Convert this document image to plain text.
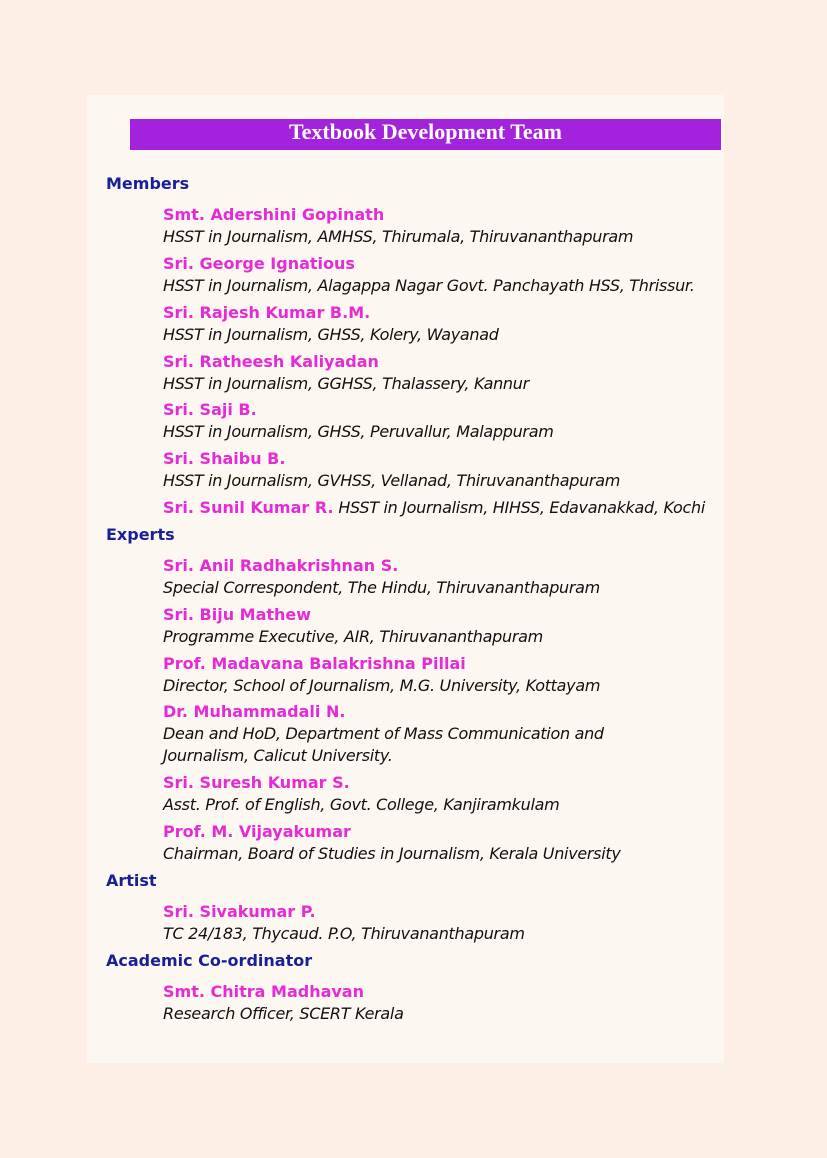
Textbook Development Team
Members
Smt. Adershini Gopinath
HSST in Journalism, AMHSS, Thirumala, Thiruvananthapuram
Sri. George Ignatious
HSST in Journalism, Alagappa Nagar Govt. Panchayath HSS, Thrissur.
Sri. Rajesh Kumar B.M.
HSST in Journalism, GHSS, Kolery, Wayanad
Sri. Ratheesh Kaliyadan
HSST in Journalism, GGHSS, Thalassery, Kannur
Sri. Saji B.
HSST in Journalism, GHSS, Peruvallur, Malappuram
Sri. Shaibu B.
HSST in Journalism, GVHSS, Vellanad, Thiruvananthapuram
Sri. Sunil Kumar R. HSST in Journalism, HIHSS, Edavanakkad, Kochi
Experts
Sri. Anil Radhakrishnan S.
Special Correspondent, The Hindu, Thiruvananthapuram
Sri. Biju Mathew
Programme Executive, AIR, Thiruvananthapuram
Prof. Madavana Balakrishna Pillai
Director, School of Journalism, M.G. University, Kottayam
Dr. Muhammadali N.
Dean and HoD, Department of Mass Communication and
Journalism, Calicut University.
Sri. Suresh Kumar S.
Asst. Prof. of English, Govt. College, Kanjiramkulam
Prof. M. Vijayakumar
Chairman, Board of Studies in Journalism, Kerala University
Artist
Sri. Sivakumar P.
TC 24/183, Thycaud. P.O, Thiruvananthapuram
Academic Co-ordinator
Smt. Chitra Madhavan
Research Officer, SCERT Kerala
